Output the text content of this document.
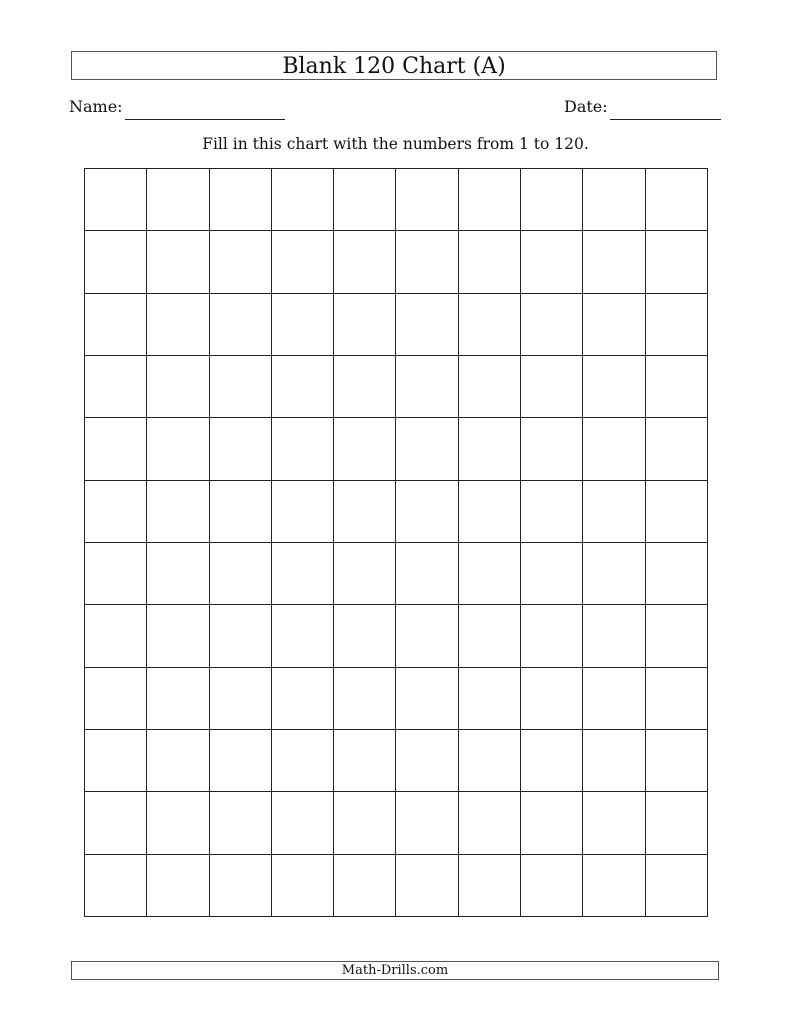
Blank 120 Chart (A)
Name:	Date:
Fill in this chart with the numbers from 1 to 120.
Math-Drills.com
